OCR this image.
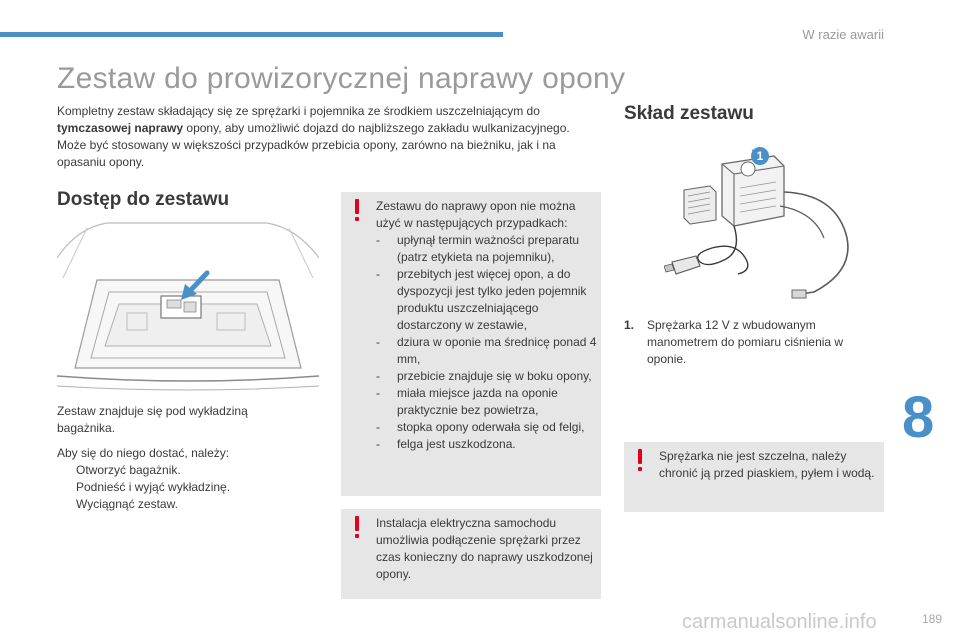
W razie awarii
Zestaw do prowizorycznej naprawy opony

Kompletny zestaw składający się ze sprężarki i pojemnika ze środkiem uszczelniającym do tymczasowej naprawy opony, aby umożliwić dojazd do najbliższego zakładu wulkanizacyjnego. Może być stosowany w większości przypadków przebicia opony, zarówno na bieżniku, jak i na opasaniu opony.

Dostęp do zestawu

Zestaw znajduje się pod wykładziną bagażnika.

Aby się do niego dostać, należy:
Otworzyć bagażnik.
Podnieść i wyjąć wykładzinę.
Wyciągnąć zestaw.
Zestawu do naprawy opon nie można użyć w następujących przypadkach:
- upłynął termin ważności preparatu (patrz etykieta na pojemniku),
- przebitych jest więcej opon, a do dyspozycji jest tylko jeden pojemnik produktu uszczelniającego dostarczony w zestawie,
- dziura w oponie ma średnicę ponad 4 mm,
- przebicie znajduje się w boku opony,
- miała miejsce jazda na oponie praktycznie bez powietrza,
- stopka opony oderwała się od felgi,
- felga jest uszkodzona.
Instalacja elektryczna samochodu umożliwia podłączenie sprężarki przez czas konieczny do naprawy uszkodzonej opony.
Skład zestawu
1
1.	Sprężarka 12 V z wbudowanym manometrem do pomiaru ciśnienia w oponie.
Sprężarka nie jest szczelna, należy chronić ją przed piaskiem, pyłem i wodą.
8
carmanualsonline.info	189
